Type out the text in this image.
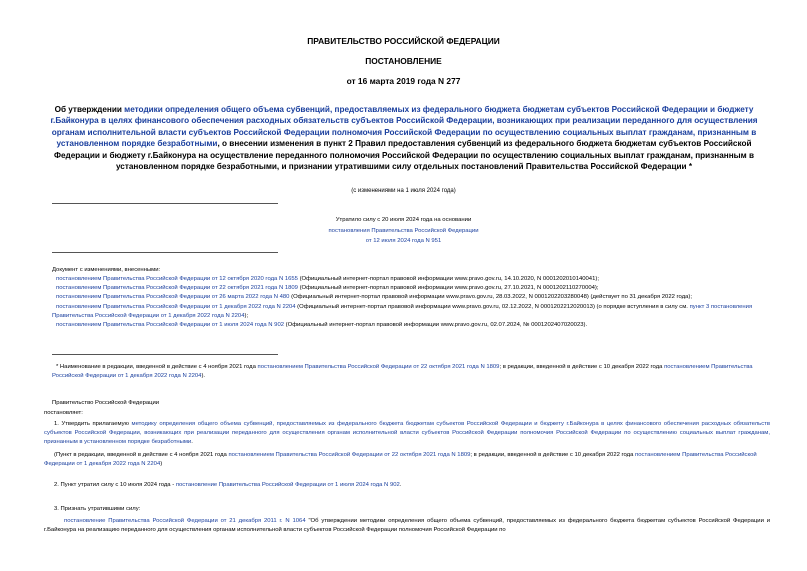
ПРАВИТЕЛЬСТВО РОССИЙСКОЙ ФЕДЕРАЦИИ
ПОСТАНОВЛЕНИЕ
от 16 марта 2019 года N 277
Об утверждении методики определения общего объема субвенций, предоставляемых из федерального бюджета бюджетам субъектов Российской Федерации и бюджету г.Байконура в целях финансового обеспечения расходных обязательств субъектов Российской Федерации, возникающих при реализации переданного для осуществления органам исполнительной власти субъектов Российской Федерации полномочия Российской Федерации по осуществлению социальных выплат гражданам, признанным в установленном порядке безработными, о внесении изменения в пункт 2 Правил предоставления субвенций из федерального бюджета бюджетам субъектов Российской Федерации и бюджету г.Байконура на осуществление переданного полномочия Российской Федерации по осуществлению социальных выплат гражданам, признанным в установленном порядке безработными, и признании утратившими силу отдельных постановлений Правительства Российской Федерации *
(с изменениями на 1 июля 2024 года)
Утратило силу с 20 июля 2024 года на основании
постановления Правительства Российской Федерации
от 12 июля 2024 года N 951
Документ с изменениями, внесенными:
постановлением Правительства Российской Федерации от 12 октября 2020 года N 1655 (Официальный интернет-портал правовой информации www.pravo.gov.ru, 14.10.2020, N 0001202010140041);
постановлением Правительства Российской Федерации от 22 октября 2021 года N 1809 (Официальный интернет-портал правовой информации www.pravo.gov.ru, 27.10.2021, N 0001202110270004);
постановлением Правительства Российской Федерации от 26 марта 2022 года N 480 (Официальный интернет-портал правовой информации www.pravo.gov.ru, 28.03.2022, N 0001202203280048) (действует по 31 декабря 2022 года);
постановлением Правительства Российской Федерации от 1 декабря 2022 года N 2204 (Официальный интернет-портал правовой информации www.pravo.gov.ru, 02.12.2022, N 0001202212020013) (о порядке вступления в силу см. пункт 3 постановления Правительства Российской Федерации от 1 декабря 2022 года N 2204);
постановлением Правительства Российской Федерации от 1 июля 2024 года N 902 (Официальный интернет-портал правовой информации www.pravo.gov.ru, 02.07.2024, № 0001202407020023).
* Наименование в редакции, введенной в действие с 4 ноября 2021 года постановлением Правительства Российской Федерации от 22 октября 2021 года N 1809; в редакции, введенной в действие с 10 декабря 2022 года постановлением Правительства Российской Федерации от 1 декабря 2022 года N 2204).
Правительство Российской Федерации
постановляет:
1. Утвердить прилагаемую методику определения общего объема субвенций, предоставляемых из федерального бюджета бюджетам субъектов Российской Федерации и бюджету г.Байконура в целях финансового обеспечения расходных обязательств субъектов Российской Федерации, возникающих при реализации переданного для осуществления органам исполнительной власти субъектов Российской Федерации полномочия Российской Федерации по осуществлению социальных выплат гражданам, признанным в установленном порядке безработными.
(Пункт в редакции, введенной в действие с 4 ноября 2021 года постановлением Правительства Российской Федерации от 22 октября 2021 года N 1809; в редакции, введенной в действие с 10 декабря 2022 года постановлением Правительства Российской Федерации от 1 декабря 2022 года N 2204)
2. Пункт утратил силу с 10 июля 2024 года - постановление Правительства Российской Федерации от 1 июля 2024 года N 902.
3. Признать утратившими силу:
постановление Правительства Российской Федерации от 21 декабря 2011 г. N 1064 "Об утверждении методики определения общего объема субвенций, предоставляемых из федерального бюджета бюджетам субъектов Российской Федерации и г.Байконура на реализацию переданного для осуществления органам исполнительной власти субъектов Российской Федерации полномочия Российской Федерации по
